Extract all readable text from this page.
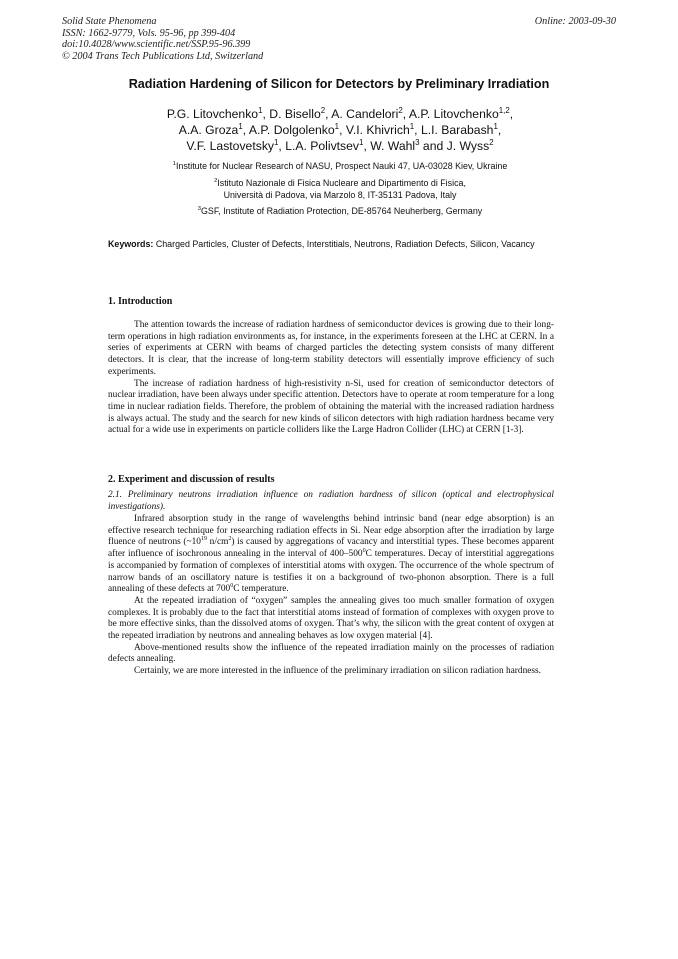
Solid State Phenomena
ISSN: 1662-9779, Vols. 95-96, pp 399-404
doi:10.4028/www.scientific.net/SSP.95-96.399
© 2004 Trans Tech Publications Ltd, Switzerland
Online: 2003-09-30
Radiation Hardening of Silicon for Detectors by Preliminary Irradiation
P.G. Litovchenko$^1$, D. Bisello$^2$, A. Candelori$^2$, A.P. Litovchenko$^{1,2}$,
A.A. Groza$^1$, A.P. Dolgolenko$^1$, V.I. Khivrich$^1$, L.I. Barabash$^1$,
V.F. Lastovetsky$^1$, L.A. Polivtsev$^1$, W. Wahl$^3$ and J. Wyss$^2$
$^1$Institute for Nuclear Research of NASU, Prospect Nauki 47, UA-03028 Kiev, Ukraine
$^2$Istituto Nazionale di Fisica Nucleare and Dipartimento di Fisica,
Università di Padova, via Marzolo 8, IT-35131 Padova, Italy
$^3$GSF, Institute of Radiation Protection, DE-85764 Neuherberg, Germany
Keywords: Charged Particles, Cluster of Defects, Interstitials, Neutrons, Radiation Defects, Silicon, Vacancy
1. Introduction

The attention towards the increase of radiation hardness of semiconductor devices is growing due to their long-term operations in high radiation environments as, for instance, in the experiments foreseen at the LHC at CERN. In a series of experiments at CERN with beams of charged particles the detecting system consists of many different detectors. It is clear, that the increase of long-term stability detectors will essentially improve efficiency of such experiments.

The increase of radiation hardness of high-resistivity n-Si, used for creation of semiconductor detectors of nuclear irradiation, have been always under specific attention. Detectors have to operate at room temperature for a long time in nuclear radiation fields. Therefore, the problem of obtaining the material with the increased radiation hardness is always actual. The study and the search for new kinds of silicon detectors with high radiation hardness became very actual for a wide use in experiments on particle colliders like the Large Hadron Collider (LHC) at CERN [1-3].

2. Experiment and discussion of results
2.1. Preliminary neutrons irradiation influence on radiation hardness of silicon (optical and electrophysical investigations).

Infrared absorption study in the range of wavelengths behind intrinsic band (near edge absorption) is an effective research technique for researching radiation effects in Si. Near edge absorption after the irradiation by large fluence of neutrons ($\sim 10^{19}$ $n/cm^2$) is caused by aggregations of vacancy and interstitial types. These becomes apparent after influence of isochronous annealing in the interval of $400-500^0C$ temperatures. Decay of interstitial aggregations is accompanied by formation of complexes of interstitial atoms with oxygen. The occurrence of the whole spectrum of narrow bands of an oscillatory nature is testifies it on a background of two-phonon absorption. There is a full annealing of these defects at $700^0C$ temperature.

At the repeated irradiation of “oxygen” samples the annealing gives too much smaller formation of oxygen complexes. It is probably due to the fact that interstitial atoms instead of formation of complexes with oxygen prove to be more effective sinks, than the dissolved atoms of oxygen. That’s why, the silicon with the great content of oxygen at the repeated irradiation by neutrons and annealing behaves as low oxygen material [4].

Above-mentioned results show the influence of the repeated irradiation mainly on the processes of radiation defects annealing.

Certainly, we are more interested in the influence of the preliminary irradiation on silicon radiation hardness.
